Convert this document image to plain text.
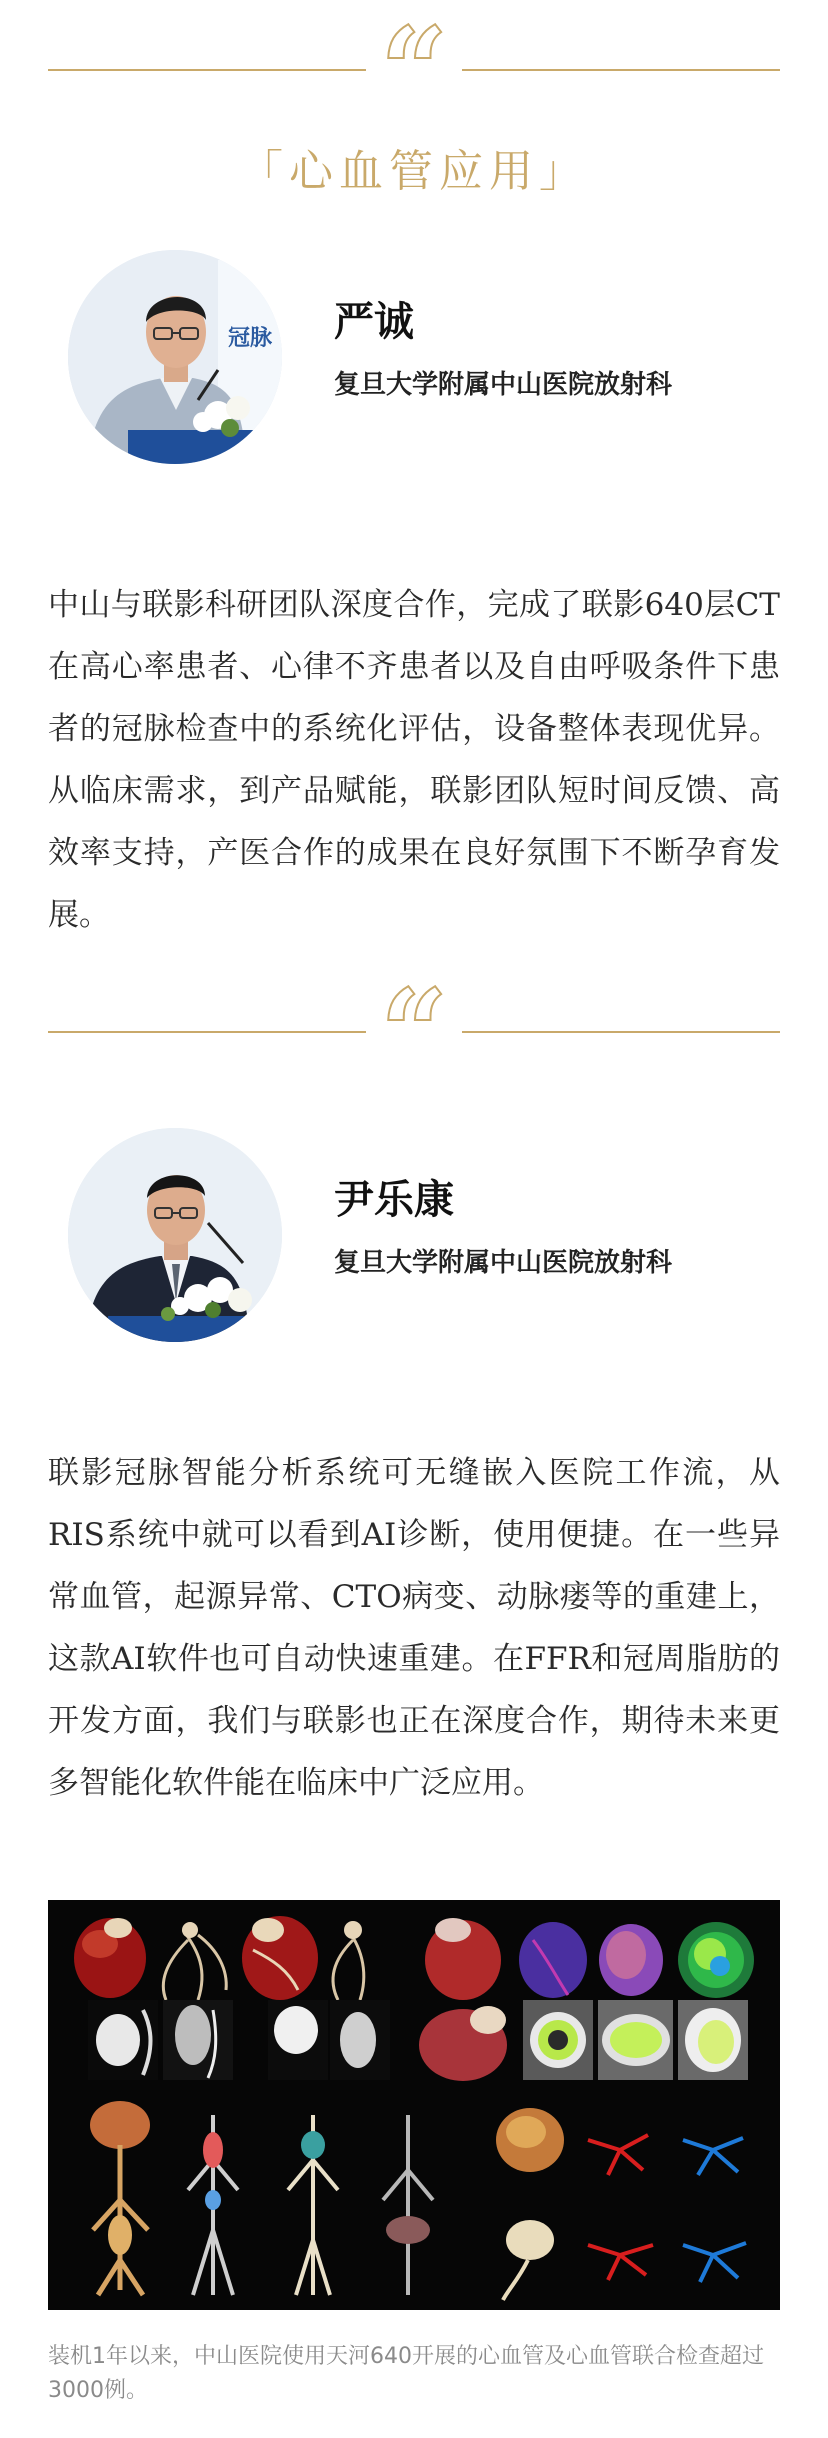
“
「心血管应用」
冠脉 严诚
复旦大学附属中山医院放射科
中山与联影科研团队深度合作，完成了联影640层CT在高心率患者、心律不齐患者以及自由呼吸条件下患者的冠脉检查中的系统化评估，设备整体表现优异。从临床需求，到产品赋能，联影团队短时间反馈、高效率支持，产医合作的成果在良好氛围下不断孕育发展。
“
尹乐康
复旦大学附属中山医院放射科
联影冠脉智能分析系统可无缝嵌入医院工作流，从RIS系统中就可以看到AI诊断，使用便捷。在一些异常血管，起源异常、CTO病变、动脉瘘等的重建上，这款AI软件也可自动快速重建。在FFR和冠周脂肪的开发方面，我们与联影也正在深度合作，期待未来更多智能化软件能在临床中广泛应用。
装机1年以来，中山医院使用天河640开展的心血管及心血管联合检查超过3000例。
